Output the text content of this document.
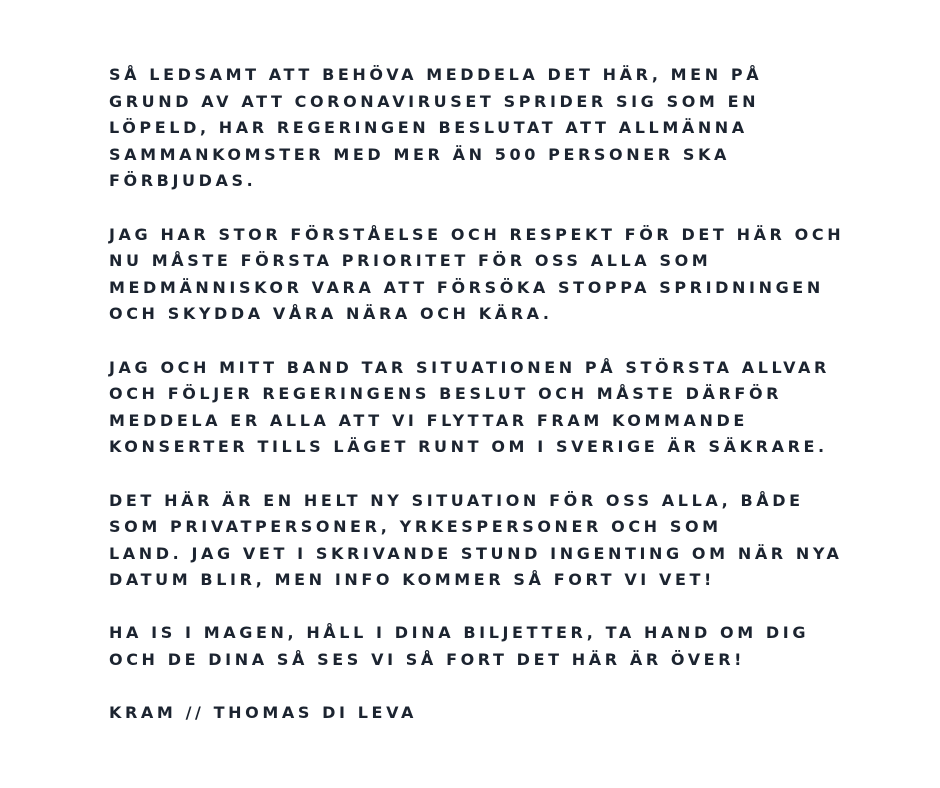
SÅ LEDSAMT ATT BEHÖVA MEDDELA DET HÄR, MEN PÅ
GRUND AV ATT CORONAVIRUSET SPRIDER SIG SOM EN
LÖPELD, HAR REGERINGEN BESLUTAT ATT ALLMÄNNA
SAMMANKOMSTER MED MER ÄN 500 PERSONER SKA
FÖRBJUDAS.

JAG HAR STOR FÖRSTÅELSE OCH RESPEKT FÖR DET HÄR OCH
NU MÅSTE FÖRSTA PRIORITET FÖR OSS ALLA SOM
MEDMÄNNISKOR VARA ATT FÖRSÖKA STOPPA SPRIDNINGEN
OCH SKYDDA VÅRA NÄRA OCH KÄRA.

JAG OCH MITT BAND TAR SITUATIONEN PÅ STÖRSTA ALLVAR
OCH FÖLJER REGERINGENS BESLUT OCH MÅSTE DÄRFÖR
MEDDELA ER ALLA ATT VI FLYTTAR FRAM KOMMANDE
KONSERTER TILLS LÄGET RUNT OM I SVERIGE ÄR SÄKRARE.

DET HÄR ÄR EN HELT NY SITUATION FÖR OSS ALLA, BÅDE
SOM PRIVATPERSONER, YRKESPERSONER OCH SOM
LAND. JAG VET I SKRIVANDE STUND INGENTING OM NÄR NYA
DATUM BLIR, MEN INFO KOMMER SÅ FORT VI VET!

HA IS I MAGEN, HÅLL I DINA BILJETTER, TA HAND OM DIG
OCH DE DINA SÅ SES VI SÅ FORT DET HÄR ÄR ÖVER!

KRAM // THOMAS DI LEVA
